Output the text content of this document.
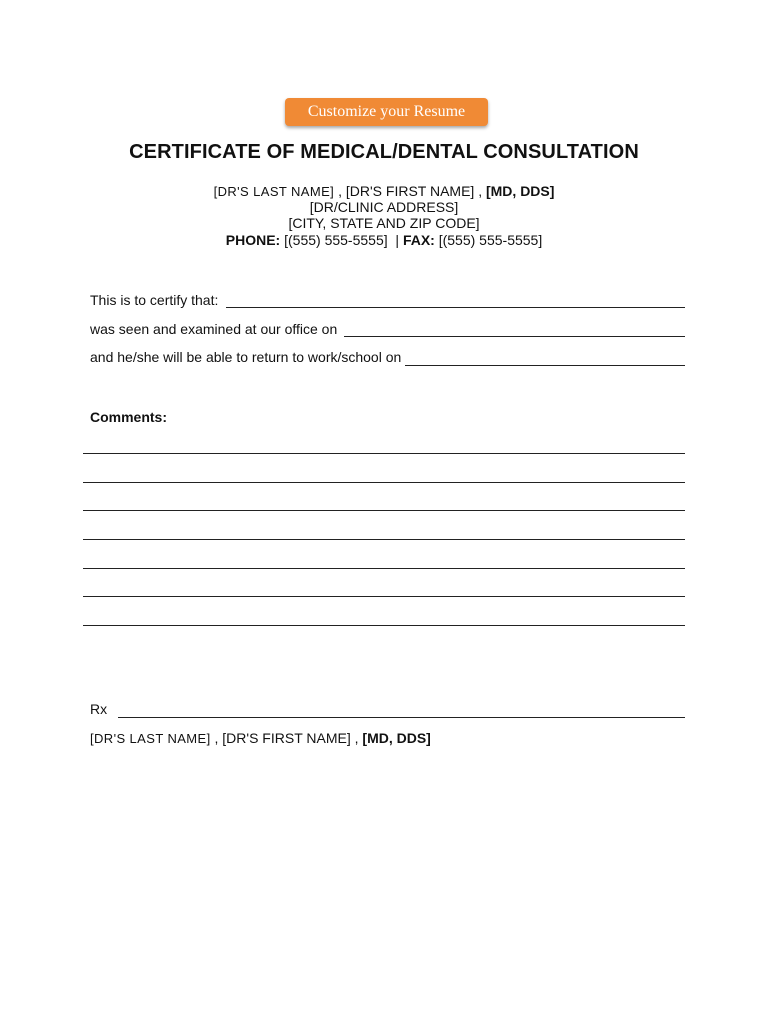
Customize your Resume
CERTIFICATE OF MEDICAL/DENTAL CONSULTATION
[DR'S LAST NAME] , [DR'S FIRST NAME] , [MD, DDS]
[DR/CLINIC ADDRESS]
[CITY, STATE AND ZIP CODE]
PHONE: [(555) 555-5555]  | FAX: [(555) 555-5555]
This is to certify that:
was seen and examined at our office on
and he/she will be able to return to work/school on
Comments:
Rx
[DR'S LAST NAME] , [DR'S FIRST NAME] , [MD, DDS]
